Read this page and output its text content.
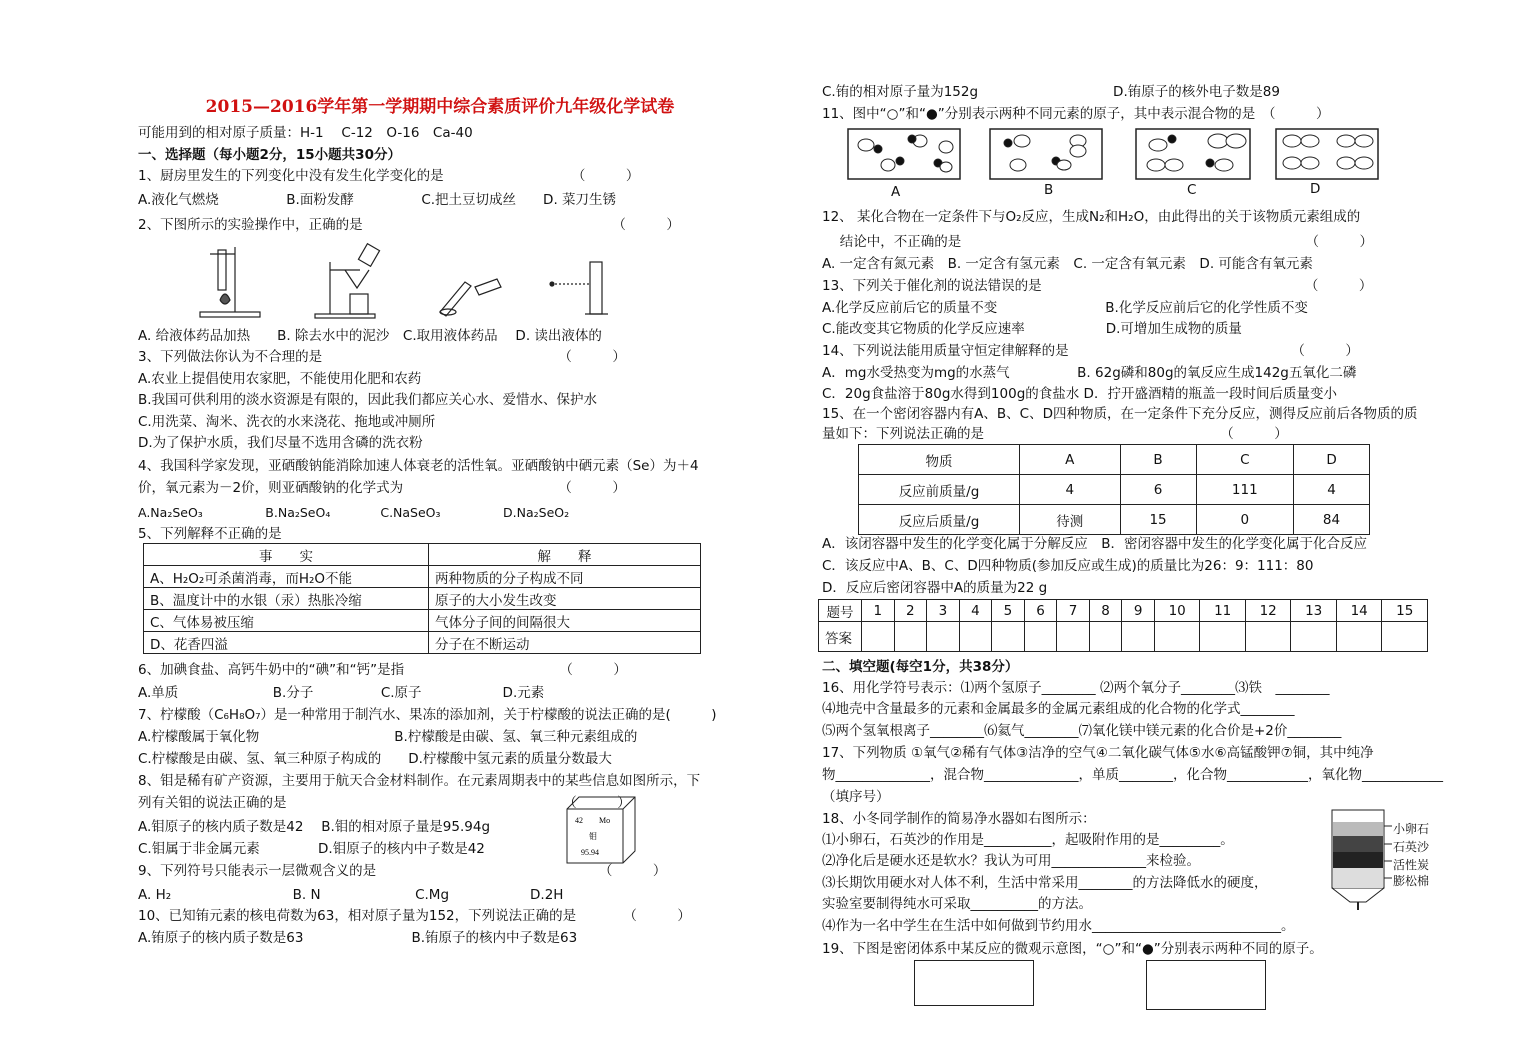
2015—2016学年第一学期期中综合素质评价九年级化学试卷
可能用到的相对原子质量：H-1　 C-12　O-16　Ca-40
一、选择题（每小题2分，15小题共30分）
1、厨房里发生的下列变化中没有发生化学变化的是　　　　　　　　　　（　　　）
A.液化气燃烧　　　　　B.面粉发酵　　　　　C.把土豆切成丝　　D. 菜刀生锈
2、下图所示的实验操作中，正确的是　　　　　　　　　　　　　　　　　　　（　　　）
A. 给液体药品加热　　B. 除去水中的泥沙　C.取用液体药品　 D. 读出液体的
3、下列做法你认为不合理的是　　　　　　　　　　　　　　　　　　（　　　）
A.农业上提倡使用农家肥，不能使用化肥和农药
B.我国可供利用的淡水资源是有限的，因此我们都应关心水、爱惜水、保护水
C.用洗菜、淘米、洗衣的水来浇花、拖地或冲厕所
D.为了保护水质，我们尽量不选用含磷的洗衣粉
4、我国科学家发现，亚硒酸钠能消除加速人体衰老的活性氧。亚硒酸钠中硒元素（Se）为＋4
价，氧元素为－2价，则亚硒酸钠的化学式为　　　　　　　　　　　　（　　　）
A.Na₂SeO₃　　　　　B.Na₂SeO₄　　　　C.NaSeO₃　　　　　D.Na₂SeO₂
5、下列解释不正确的是
事　　实	解　　释
A、H₂O₂可杀菌消毒，而H₂O不能	两种物质的分子构成不同
B、温度计中的水银（汞）热胀冷缩	原子的大小发生改变
C、气体易被压缩	气体分子间的间隔很大
D、花香四溢	分子在不断运动
6、加碘食盐、高钙牛奶中的“碘”和“钙”是指　　　　　　　　　　　　（　　　）
A.单质　　　　　　　B.分子　　　　　C.原子　　　　　　D.元素
7、柠檬酸（C₆H₈O₇）是一种常用于制汽水、果冻的添加剂，关于柠檬酸的说法正确的是(　　　)
A.柠檬酸属于氧化物　　　　　　　　　　B.柠檬酸是由碳、氢、氧三种元素组成的
C.柠檬酸是由碳、氢、氧三种原子构成的　　D.柠檬酸中氢元素的质量分数最大
8、钼是稀有矿产资源，主要用于航天合金材料制作。在元素周期表中的某些信息如图所示，下
列有关钼的说法正确的是　　　　　　　　　　　　　　　　　　　　　（　　　）
A.钼原子的核内质子数是42　 B.钼的相对原子量是95.94g
C.钼属于非金属元素　　　　 D.钼原子的核内中子数是42
42 Mo
钼
95.94
9、下列符号只能表示一层微观含义的是　　　　　　　　　　　　　　　　　（　　　）
A. H₂　　　　　　　　　B. N　　　　　　　C.Mg　　　　　　D.2H
10、已知铕元素的核电荷数为63，相对原子量为152，下列说法正确的是　　　　（　　　）
A.铕原子的核内质子数是63　　　　　　　　B.铕原子的核内中子数是63
C.铕的相对原子量为152g　　　　　　　　　　D.铕原子的核外电子数是89
11、图中“○”和“●”分别表示两种不同元素的原子，其中表示混合物的是　（　　　）
A	B	C	D
12、 某化合物在一定条件下与O₂反应，生成N₂和H₂O，由此得出的关于该物质元素组成的
　 结论中，不正确的是　　　　　　　　　　　　　　　　　　　　　　　　　　（　　　）
A. 一定含有氮元素　B. 一定含有氢元素　C. 一定含有氧元素　D. 可能含有氧元素
13、下列关于催化剂的说法错误的是　　　　　　　　　　　　　　　　　　　　（　　　）
A.化学反应前后它的质量不变　　　　　　　　B.化学反应前后它的化学性质不变
C.能改变其它物质的化学反应速率　　　　　　D.可增加生成物的质量
14、下列说法能用质量守恒定律解释的是　　　　　　　　　　　　　　　　　（　　　）
A．mg水受热变为mg的水蒸气　　　　　B. 62g磷和80g的氧反应生成142g五氧化二磷
C．20g食盐溶于80g水得到100g的食盐水 D．拧开盛酒精的瓶盖一段时间后质量变小
15、在一个密闭容器内有A、B、C、D四种物质，在一定条件下充分反应，测得反应前后各物质的质
量如下：下列说法正确的是　　　　　　　　　　　　　　　　　　（　　　）
物质	A	B	C	D
反应前质量/g	4	6	111	4
反应后质量/g	待测	15	0	84
A．该闭容器中发生的化学变化属于分解反应　B．密闭容器中发生的化学变化属于化合反应
C．该反应中A、B、C、D四种物质(参加反应或生成)的质量比为26：9：111：80
D．反应后密闭容器中A的质量为22 g
题号	1	2	3	4	5	6	7	8	9	10	11	12	13	14	15
答案															
二、填空题(每空1分，共38分）
16、用化学符号表示：⑴两个氢原子________ ⑵两个氧分子________⑶铁　________
⑷地壳中含量最多的元素和金属最多的金属元素组成的化合物的化学式________
⑸两个氢氧根离子________⑹氦气________⑺氧化镁中镁元素的化合价是+2价________
17、下列物质 ①氧气②稀有气体③洁净的空气④二氧化碳气体⑤水⑥高锰酸钾⑦铜，其中纯净
物______________，混合物______________，单质________，化合物____________，氧化物____________
（填序号）
18、小冬同学制作的简易净水器如右图所示：
⑴小卵石，石英沙的作用是__________，起吸附作用的是_________。
⑵净化后是硬水还是软水？我认为可用______________来检验。
⑶长期饮用硬水对人体不利，生活中常采用________的方法降低水的硬度，
实验室要制得纯水可采取__________的方法。
⑷作为一名中学生在生活中如何做到节约用水____________________________。
19、下图是密闭体系中某反应的微观示意图，“○”和“●”分别表示两种不同的原子。
小卵石
石英沙
活性炭
膨松棉
